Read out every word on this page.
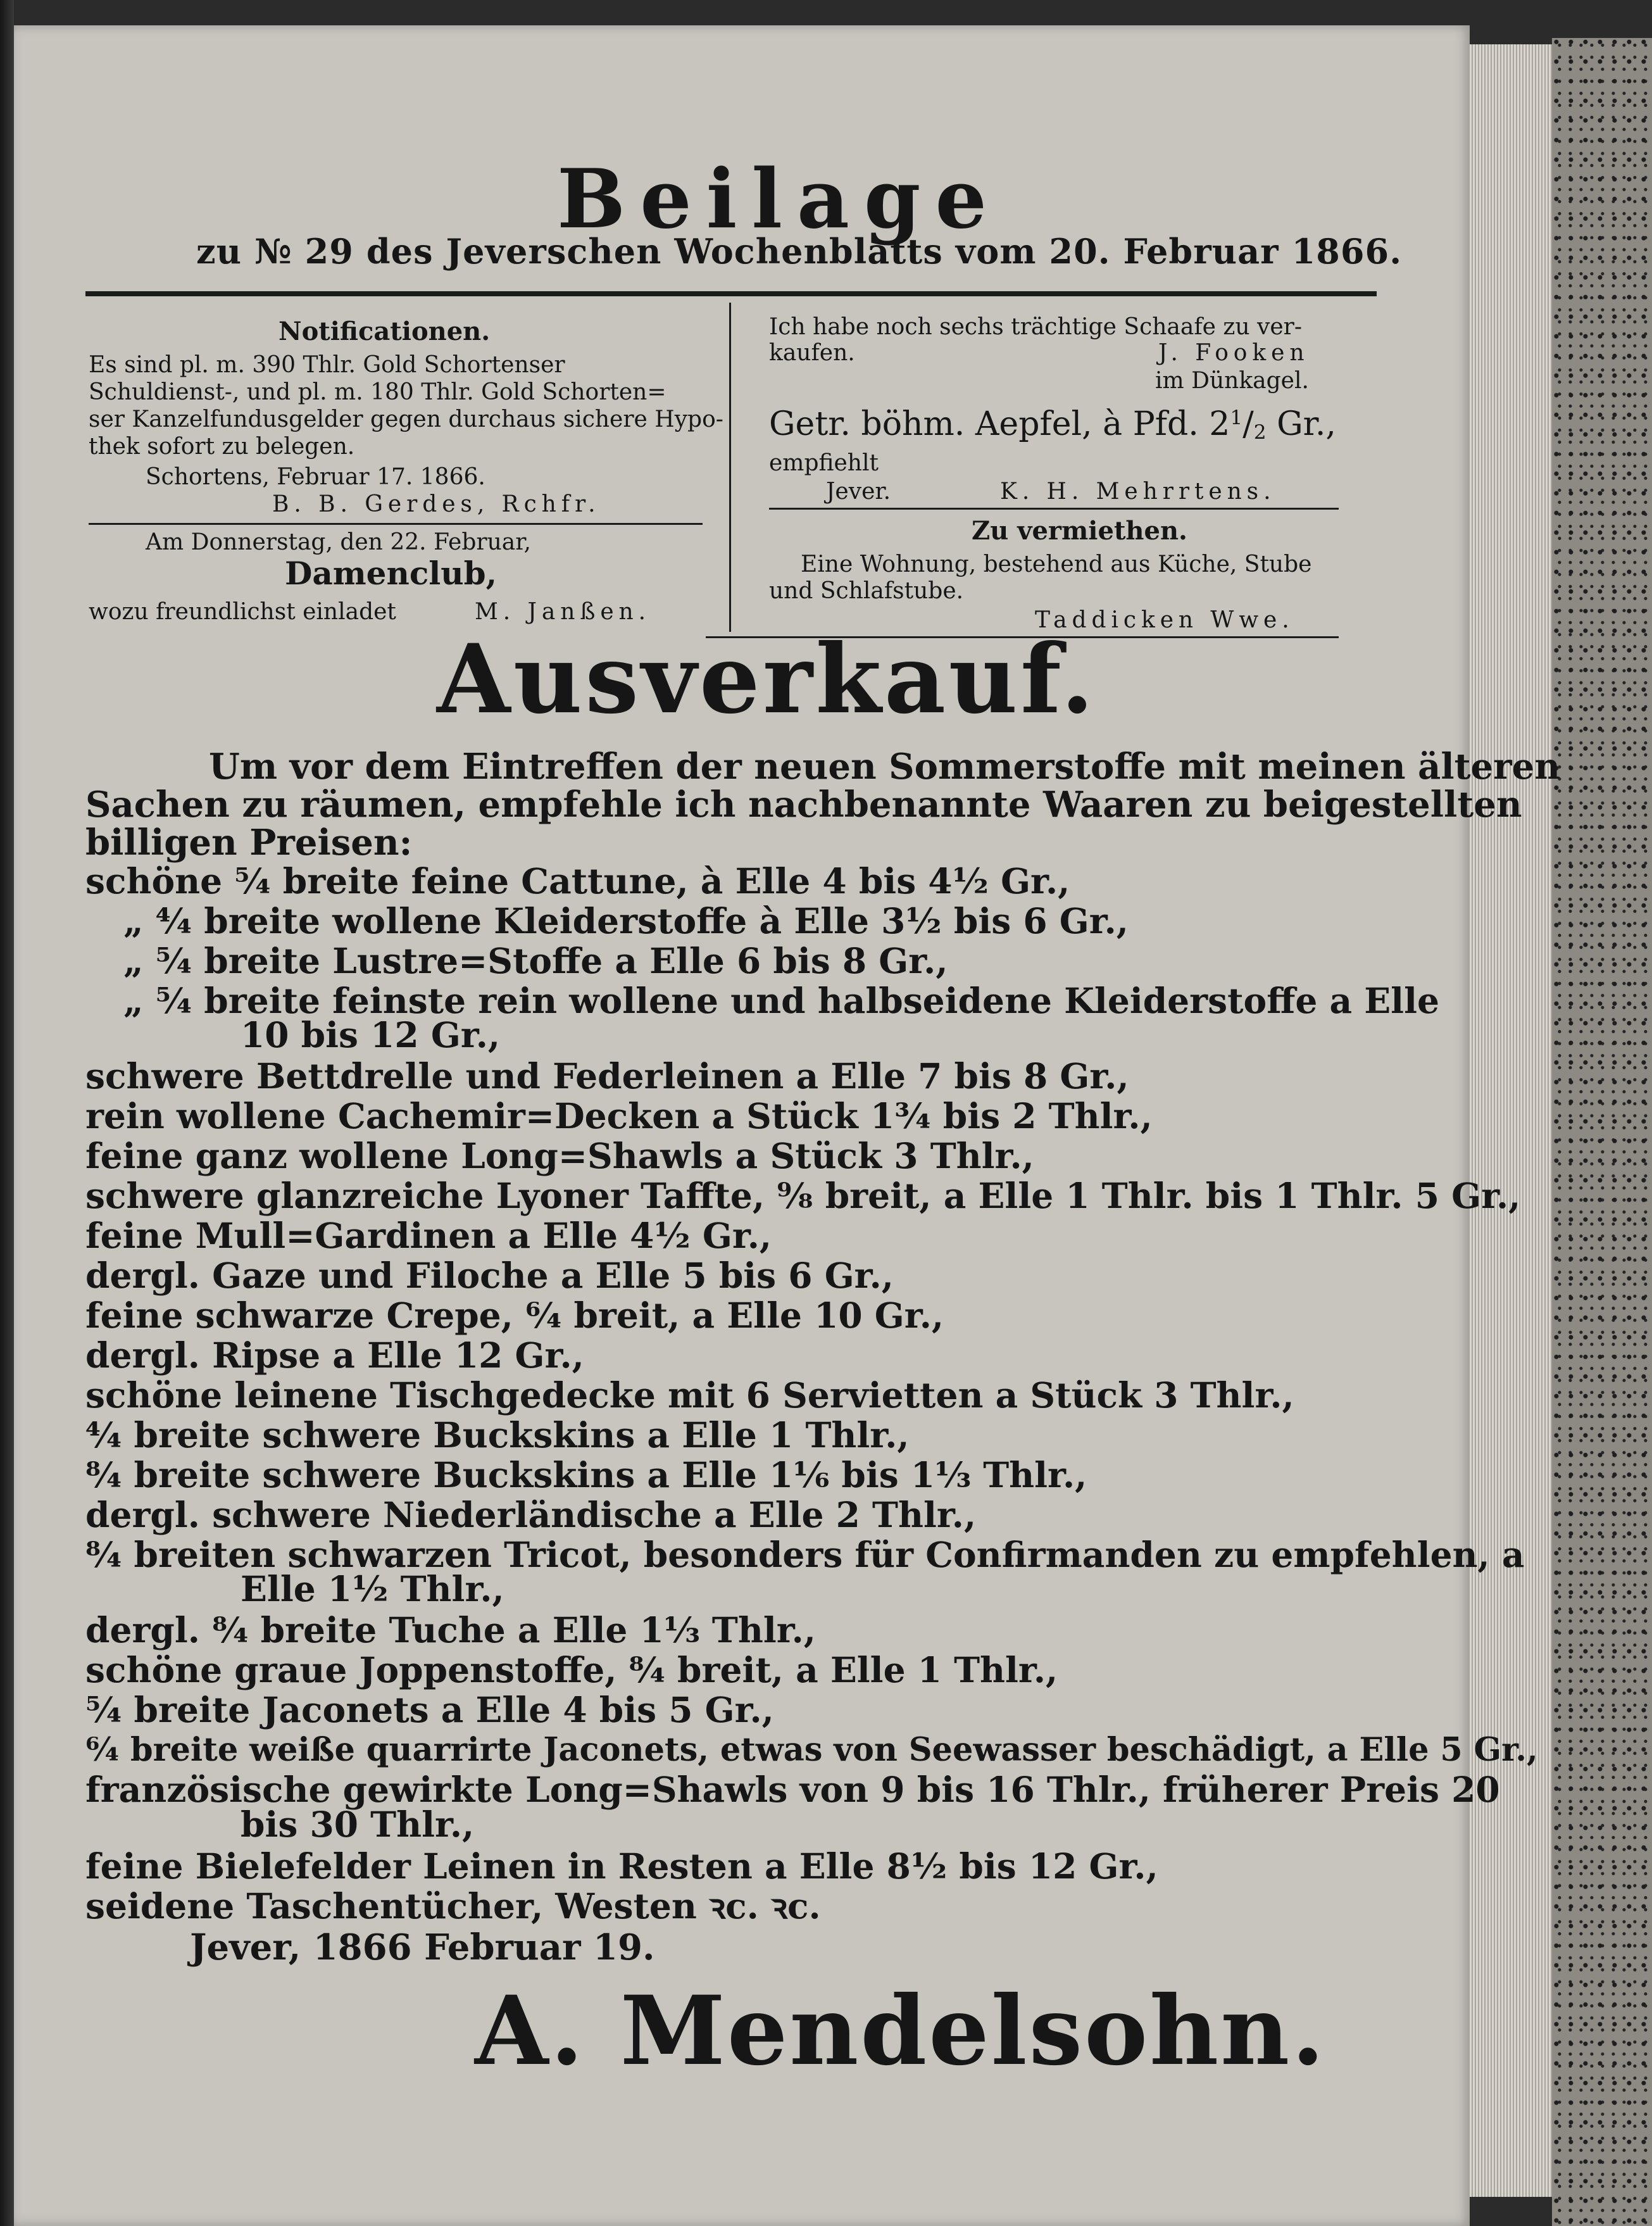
Beilage
zu № 29 des Jeverschen Wochenblatts vom 20. Februar 1866.
Notificationen.
Es sind pl. m. 390 Thlr. Gold Schortenser
Schuldienst-, und pl. m. 180 Thlr. Gold Schorten=
ser Kanzelfundusgelder gegen durchaus sichere Hypo-
thek sofort zu belegen.
Schortens, Februar 17. 1866.
B. B. Gerdes, Rchfr.
Am Donnerstag, den 22. Februar,
Damenclub,
wozu freundlichst einladet	M. Janßen.
Ich habe noch sechs trächtige Schaafe zu ver-
kaufen.	J. Fooken
im Dünkagel.
Getr. böhm. Aepfel, à Pfd. $2^1/_2$ Gr.,
empfiehlt
Jever.	K. H. Mehrrtens.
Zu vermiethen.
Eine Wohnung, bestehend aus Küche, Stube
und Schlafstube.
Taddicken Wwe.
Ausverkauf.
Um vor dem Eintreffen der neuen Sommerstoffe mit meinen älteren
Sachen zu räumen, empfehle ich nachbenannte Waaren zu beigestellten
billigen Preisen:
schöne ⁵⁄₄ breite feine Cattune, à Elle 4 bis 4½ Gr.,
„ ⁴⁄₄ breite wollene Kleiderstoffe à Elle 3½ bis 6 Gr.,
„ ⁵⁄₄ breite Lustre=Stoffe a Elle 6 bis 8 Gr.,
„ ⁵⁄₄ breite feinste rein wollene und halbseidene Kleiderstoffe a Elle
10 bis 12 Gr.,
schwere Bettdrelle und Federleinen a Elle 7 bis 8 Gr.,
rein wollene Cachemir=Decken a Stück 1¾ bis 2 Thlr.,
feine ganz wollene Long=Shawls a Stück 3 Thlr.,
schwere glanzreiche Lyoner Taffte, ⁹⁄₈ breit, a Elle 1 Thlr. bis 1 Thlr. 5 Gr.,
feine Mull=Gardinen a Elle 4½ Gr.,
dergl. Gaze und Filoche a Elle 5 bis 6 Gr.,
feine schwarze Crepe, ⁶⁄₄ breit, a Elle 10 Gr.,
dergl. Ripse a Elle 12 Gr.,
schöne leinene Tischgedecke mit 6 Servietten a Stück 3 Thlr.,
⁴⁄₄ breite schwere Buckskins a Elle 1 Thlr.,
⁸⁄₄ breite schwere Buckskins a Elle 1⅙ bis 1⅓ Thlr.,
dergl. schwere Niederländische a Elle 2 Thlr.,
⁸⁄₄ breiten schwarzen Tricot, besonders für Confirmanden zu empfehlen, a
Elle 1½ Thlr.,
dergl. ⁸⁄₄ breite Tuche a Elle 1⅓ Thlr.,
schöne graue Joppenstoffe, ⁸⁄₄ breit, a Elle 1 Thlr.,
⁵⁄₄ breite Jaconets a Elle 4 bis 5 Gr.,
⁶⁄₄ breite weiße quarrirte Jaconets, etwas von Seewasser beschädigt, a Elle 5 Gr.,
französische gewirkte Long=Shawls von 9 bis 16 Thlr., früherer Preis 20
bis 30 Thlr.,
feine Bielefelder Leinen in Resten a Elle 8½ bis 12 Gr.,
seidene Taschentücher, Westen ꝛc. ꝛc.
Jever, 1866 Februar 19.
A. Mendelsohn.
